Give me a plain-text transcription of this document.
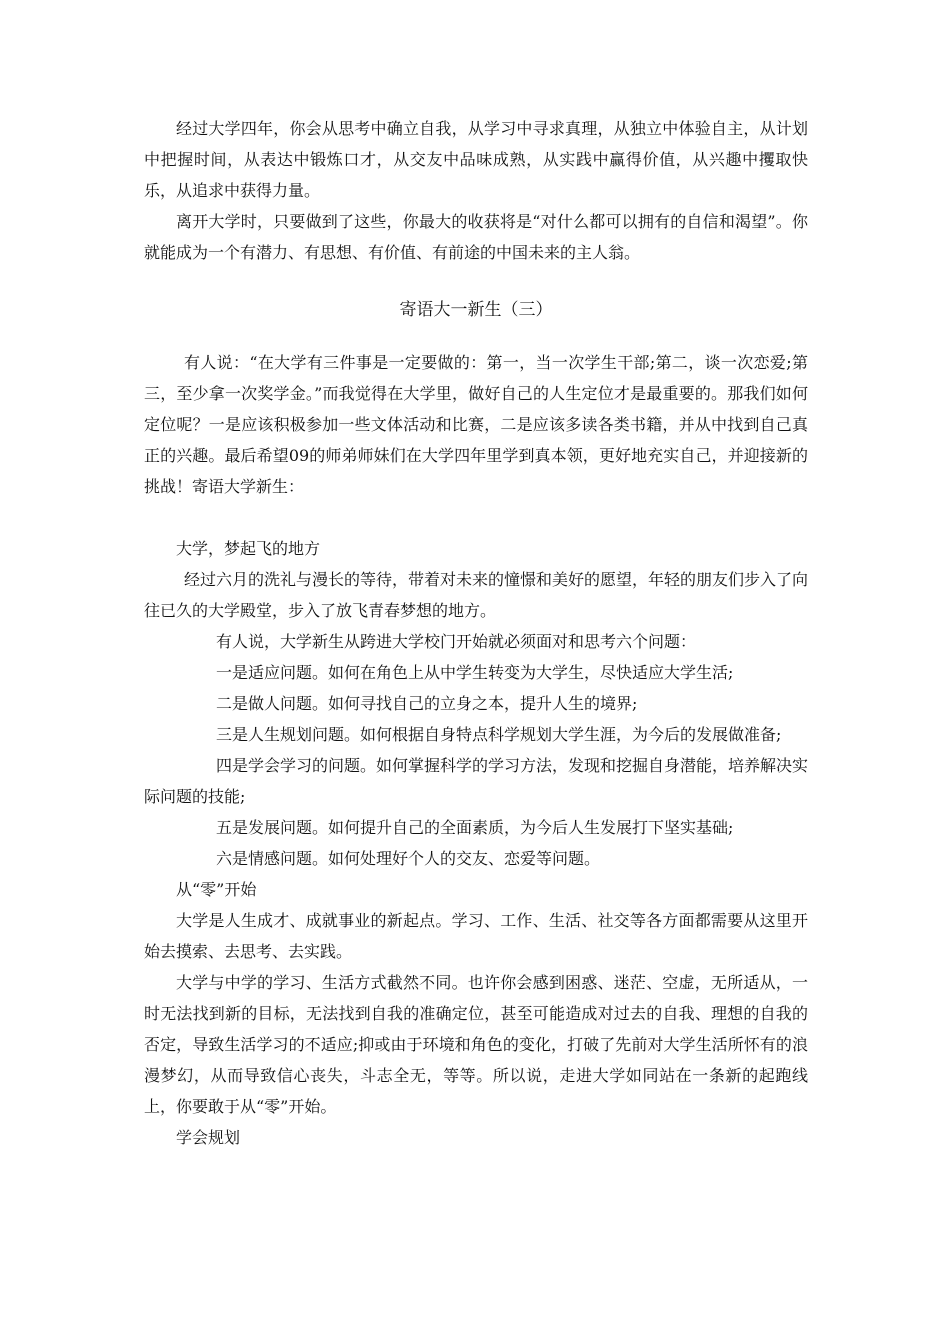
经过大学四年，你会从思考中确立自我，从学习中寻求真理，从独立中体验自主，从计划中把握时间，从表达中锻炼口才，从交友中品味成熟，从实践中赢得价值，从兴趣中攫取快乐，从追求中获得力量。

离开大学时，只要做到了这些，你最大的收获将是“对什么都可以拥有的自信和渴望”。你就能成为一个有潜力、有思想、有价值、有前途的中国未来的主人翁。

寄语大一新生（三）

有人说：“在大学有三件事是一定要做的：第一，当一次学生干部;第二，谈一次恋爱;第三，至少拿一次奖学金。”而我觉得在大学里，做好自己的人生定位才是最重要的。那我们如何定位呢？一是应该积极参加一些文体活动和比赛，二是应该多读各类书籍，并从中找到自己真正的兴趣。最后希望09的师弟师妹们在大学四年里学到真本领，更好地充实自己，并迎接新的挑战！寄语大学新生：

大学，梦起飞的地方

经过六月的洗礼与漫长的等待，带着对未来的憧憬和美好的愿望，年轻的朋友们步入了向往已久的大学殿堂，步入了放飞青春梦想的地方。

有人说，大学新生从跨进大学校门开始就必须面对和思考六个问题：

一是适应问题。如何在角色上从中学生转变为大学生，尽快适应大学生活;

二是做人问题。如何寻找自己的立身之本，提升人生的境界;

三是人生规划问题。如何根据自身特点科学规划大学生涯，为今后的发展做准备;

四是学会学习的问题。如何掌握科学的学习方法，发现和挖掘自身潜能，培养解决实际问题的技能;

五是发展问题。如何提升自己的全面素质，为今后人生发展打下坚实基础;

六是情感问题。如何处理好个人的交友、恋爱等问题。

从“零”开始

大学是人生成才、成就事业的新起点。学习、工作、生活、社交等各方面都需要从这里开始去摸索、去思考、去实践。

大学与中学的学习、生活方式截然不同。也许你会感到困惑、迷茫、空虚，无所适从，一时无法找到新的目标，无法找到自我的准确定位，甚至可能造成对过去的自我、理想的自我的否定，导致生活学习的不适应;抑或由于环境和角色的变化，打破了先前对大学生活所怀有的浪漫梦幻，从而导致信心丧失，斗志全无，等等。所以说，走进大学如同站在一条新的起跑线上，你要敢于从“零”开始。

学会规划
